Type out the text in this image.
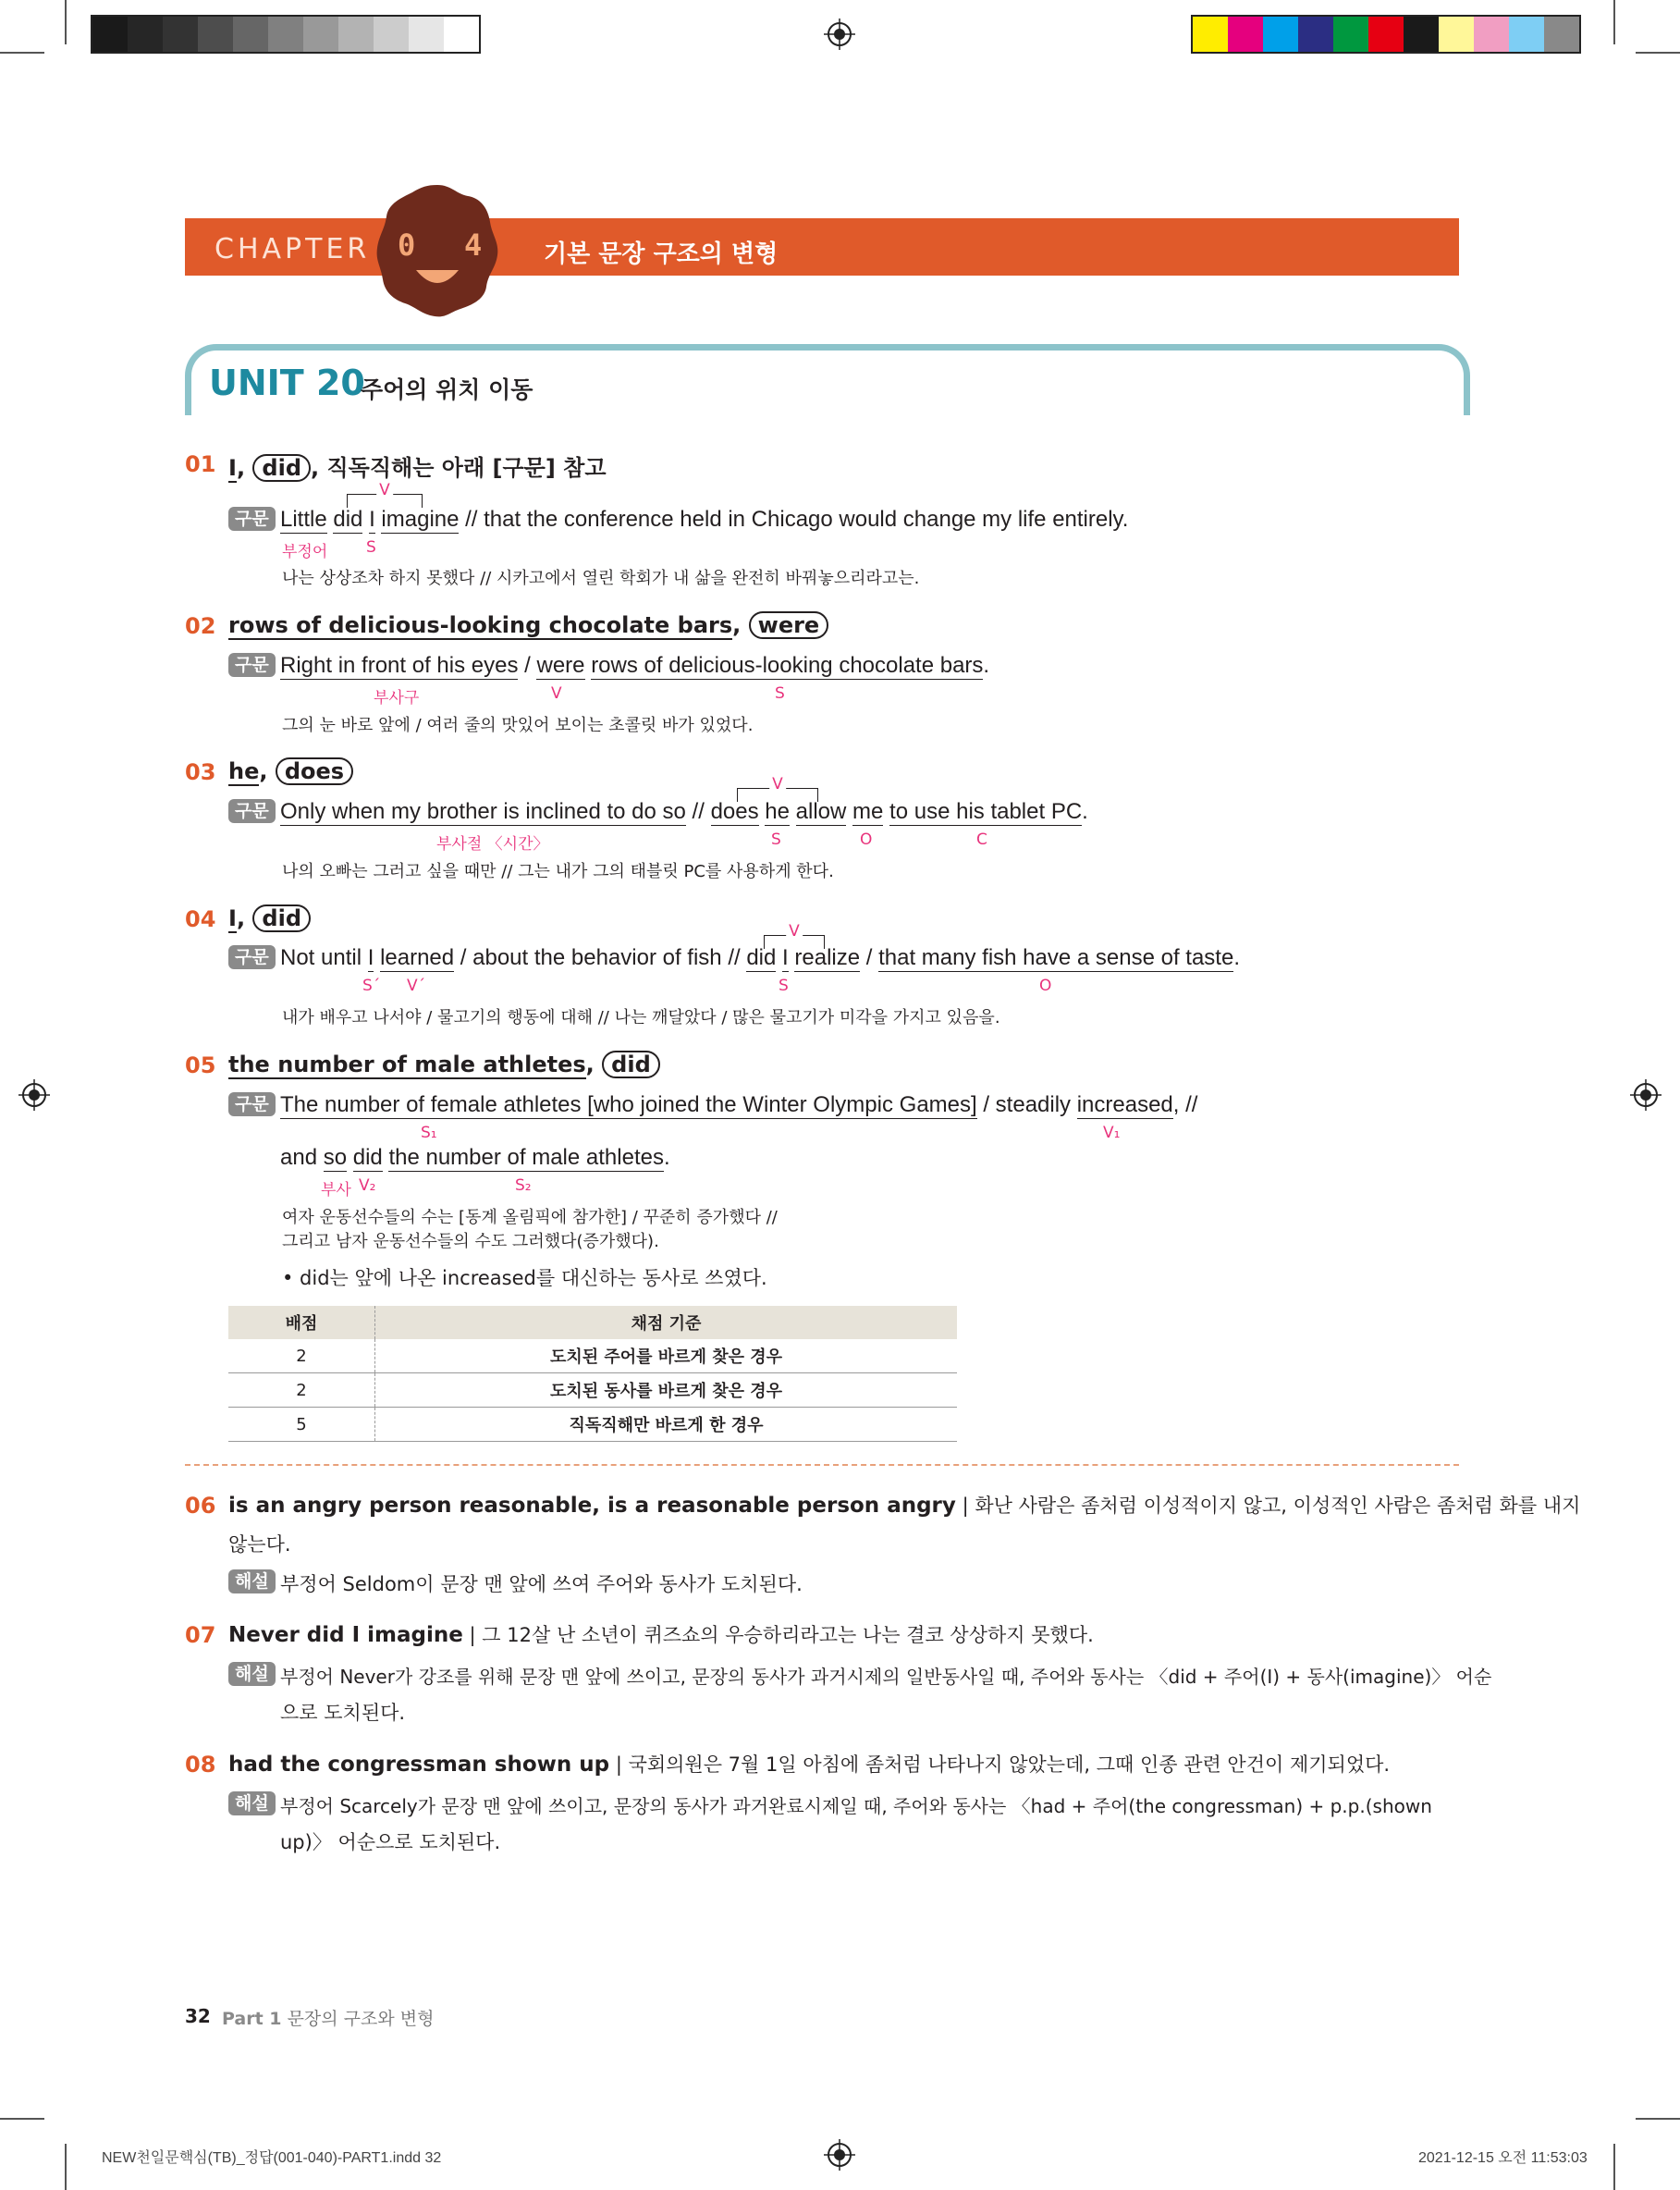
CHAPTER 0 4	기본 문장 구조의 변형
UNIT 20
주어의 위치 이동
01 I, did , 직독직해는 아래 [구문] 참고
V
구문 Little did I imagine // that the conference held in Chicago would change my life entirely.
부정어 S
나는 상상조차 하지 못했다 // 시카고에서 열린 학회가 내 삶을 완전히 바꿔놓으리라고는.
02 rows of delicious-looking chocolate bars, were
구문 Right in front of his eyes / were rows of delicious-looking chocolate bars.
부사구	V	S
그의 눈 바로 앞에 / 여러 줄의 맛있어 보이는 초콜릿 바가 있었다.
03 he, does	V
구문 Only when my brother is inclined to do so // does he allow me to use his tablet PC.
부사절 〈시간〉	S	O	C
나의 오빠는 그러고 싶을 때만 // 그는 내가 그의 태블릿 PC를 사용하게 한다.
04 I, did	V
구문 Not until I learned / about the behavior of fish // did I realize / that many fish have a sense of taste.
S´ V´	S	O
내가 배우고 나서야 / 물고기의 행동에 대해 // 나는 깨달았다 / 많은 물고기가 미각을 가지고 있음을.
05 the number of male athletes, did
구문 The number of female athletes [who joined the Winter Olympic Games] / steadily increased, //
S₁	V₁
and so did the number of male athletes.
부사 V₂	S₂
여자 운동선수들의 수는 [동계 올림픽에 참가한] / 꾸준히 증가했다 //
그리고 남자 운동선수들의 수도 그러했다(증가했다).
• did는 앞에 나온 increased를 대신하는 동사로 쓰였다.
배점	채점 기준
2	도치된 주어를 바르게 찾은 경우
2	도치된 동사를 바르게 찾은 경우
5	직독직해만 바르게 한 경우
06 is an angry person reasonable, is a reasonable person angry | 화난 사람은 좀처럼 이성적이지 않고, 이성적인 사람은 좀처럼 화를 내지
않는다.
해설 부정어 Seldom이 문장 맨 앞에 쓰여 주어와 동사가 도치된다.
07 Never did I imagine | 그 12살 난 소년이 퀴즈쇼의 우승하리라고는 나는 결코 상상하지 못했다.
해설 부정어 Never가 강조를 위해 문장 맨 앞에 쓰이고, 문장의 동사가 과거시제의 일반동사일 때, 주어와 동사는 〈did + 주어(I) + 동사(imagine)〉 어순
으로 도치된다.
08 had the congressman shown up | 국회의원은 7월 1일 아침에 좀처럼 나타나지 않았는데, 그때 인종 관련 안건이 제기되었다.
해설 부정어 Scarcely가 문장 맨 앞에 쓰이고, 문장의 동사가 과거완료시제일 때, 주어와 동사는 〈had + 주어(the congressman) + p.p.(shown
up)〉 어순으로 도치된다.
32 Part 1 문장의 구조와 변형
NEW천일문핵심(TB)_정답(001-040)-PART1.indd 32	2021-12-15 오전 11:53:03
